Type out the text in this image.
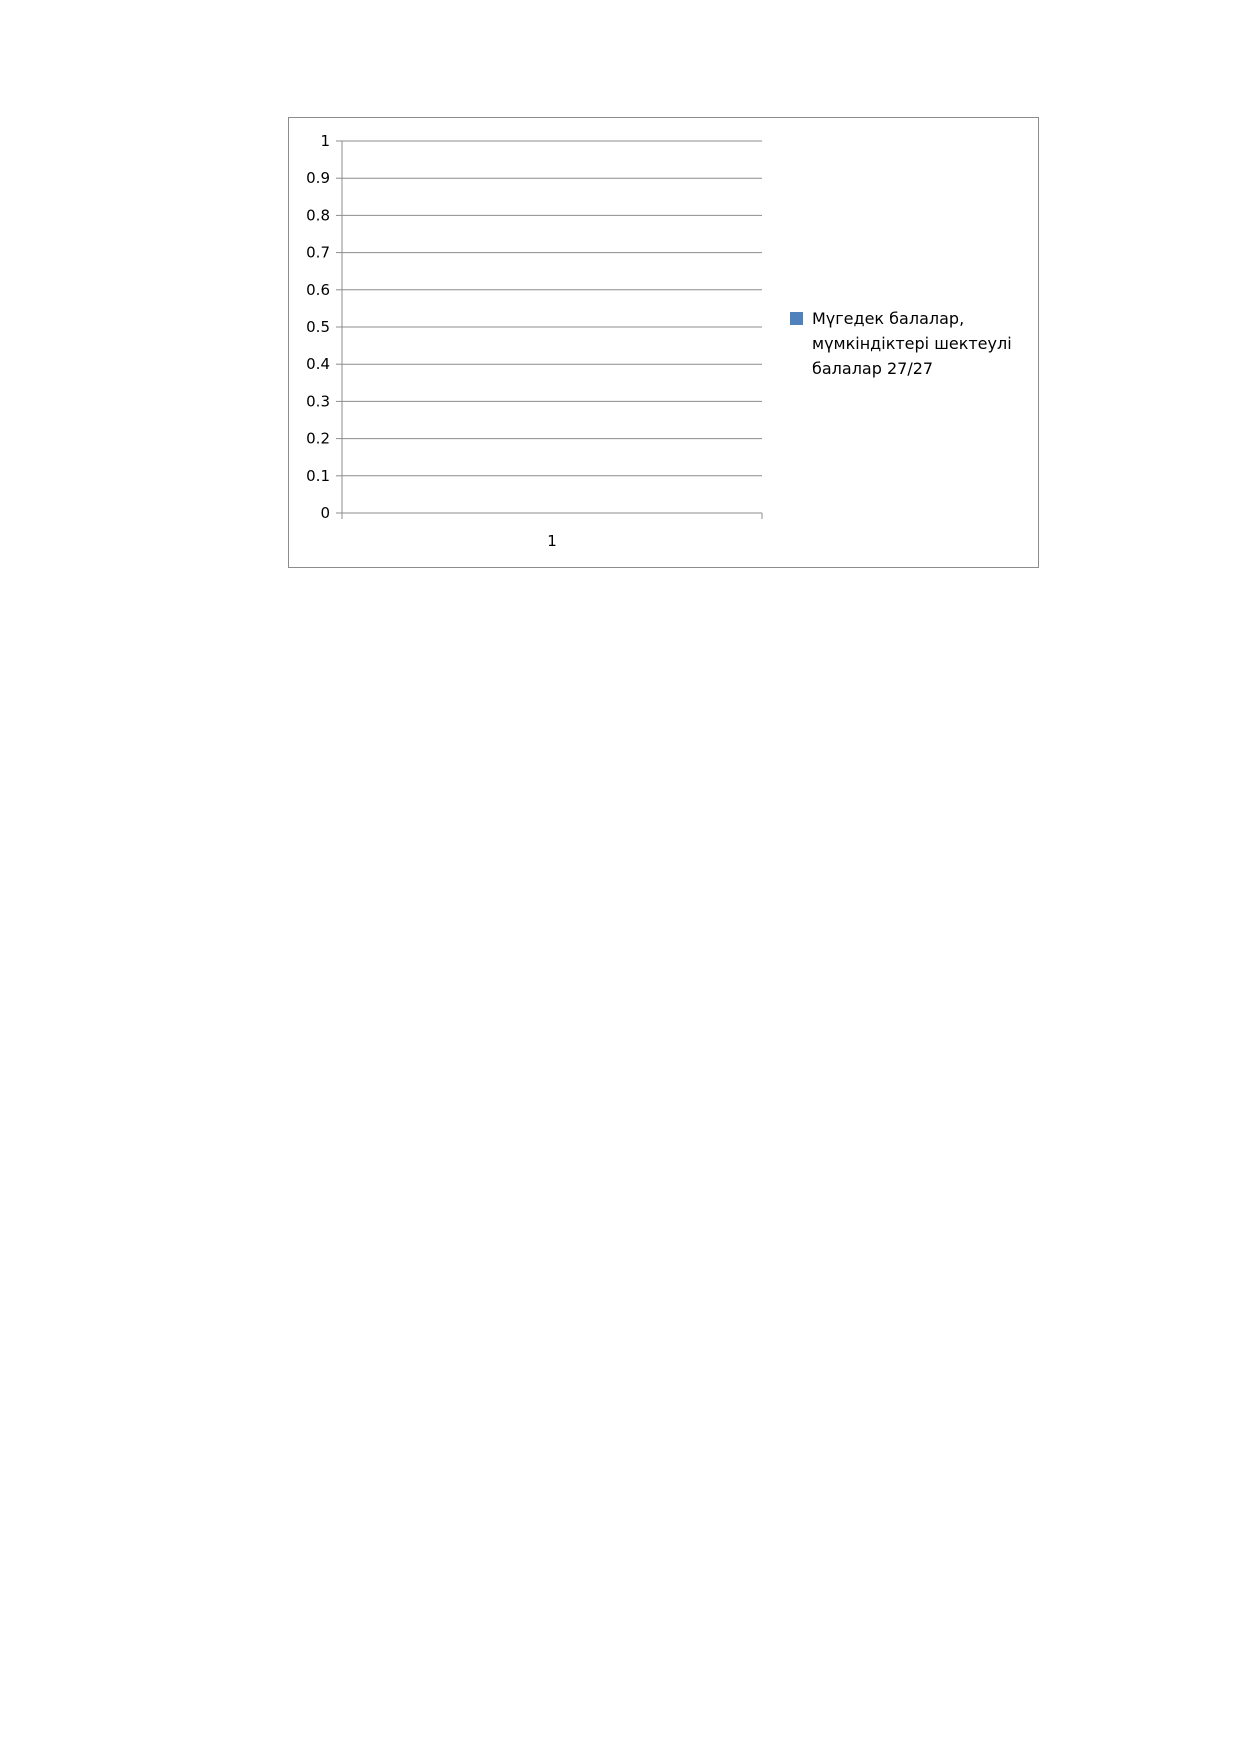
0
0.1
0.2
0.3
0.4
0.5
0.6
0.7
0.8
0.9
1
1
Мүгедек балалар,
мүмкіндіктері шектеулі
балалар 27/27
